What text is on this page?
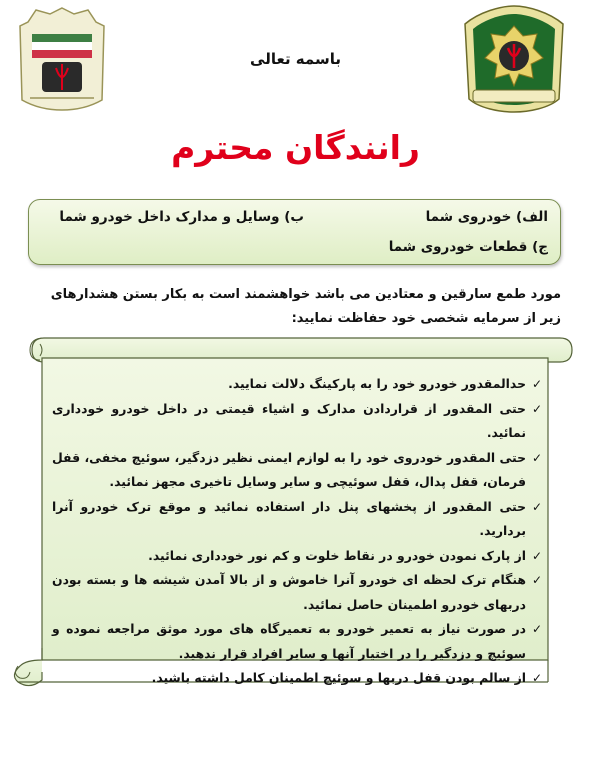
باسمه تعالی
رانندگان محترم
الف) خودروی شما
ب) وسایل و مدارک داخل خودرو شما
ج) قطعات خودروی شما
مورد طمع سارقین و معتادین می باشد خواهشمند است به بکار بستن هشدارهای زیر از سرمایه شخصی خود حفاظت نمایید:
✓
حدالمقدور خودرو خود را به پارکینگ دلالت نمایید.
✓
حتی المقدور از قراردادن مدارک و اشیاء قیمتی در داخل خودرو خودداری نمائید.
✓
حتی المقدور خودروی خود را به لوازم ایمنی نظیر دزدگیر، سوئیچ مخفی، قفل فرمان، قفل پدال، قفل سوئیچی و سایر وسایل تاخیری مجهز نمائید.
✓
حتی المقدور از پخشهای پنل دار استفاده نمائید و موقع ترک خودرو آنرا بردارید.
✓
از پارک نمودن خودرو در نقاط خلوت و کم نور خودداری نمائید.
✓
هنگام ترک لحظه ای خودرو آنرا خاموش و از بالا آمدن شیشه ها و بسته بودن دربهای خودرو اطمینان حاصل نمائید.
✓
در صورت نیاز به تعمیر خودرو به تعمیرگاه های مورد موثق مراجعه نموده و سوئیچ و دزدگیر را در اختیار آنها و سایر افراد قرار ندهید.
✓
از سالم بودن قفل دربها و سوئیچ اطمینان کامل داشته باشید.
